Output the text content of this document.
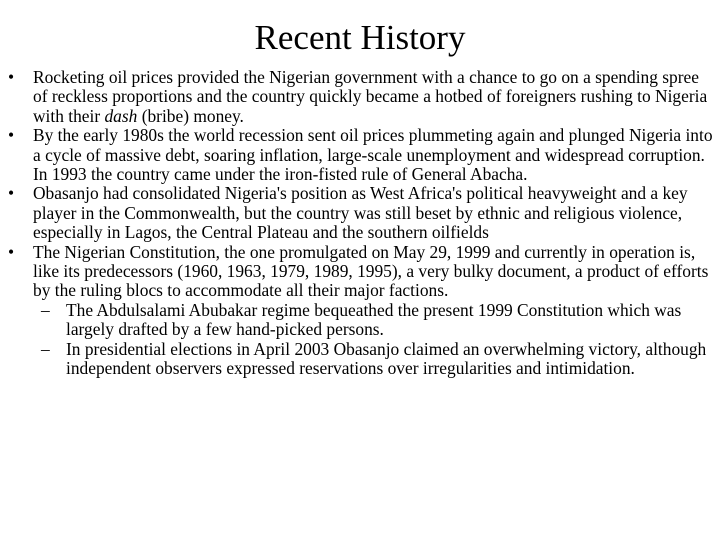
Recent History

• Rocketing oil prices provided the Nigerian government with a chance to go on a spending spree of reckless proportions and the country quickly became a hotbed of foreigners rushing to Nigeria with their dash (bribe) money.

• By the early 1980s the world recession sent oil prices plummeting again and plunged Nigeria into a cycle of massive debt, soaring inflation, large-scale unemployment and widespread corruption. In 1993 the country came under the iron-fisted rule of General Abacha.

• Obasanjo had consolidated Nigeria's position as West Africa's political heavyweight and a key player in the Commonwealth, but the country was still beset by ethnic and religious violence, especially in Lagos, the Central Plateau and the southern oilfields

• The Nigerian Constitution, the one promulgated on May 29, 1999 and currently in operation is, like its predecessors (1960, 1963, 1979, 1989, 1995), a very bulky document, a product of efforts by the ruling blocs to accommodate all their major factions.

– The Abdulsalami Abubakar regime bequeathed the present 1999 Constitution which was largely drafted by a few hand-picked persons.

– In presidential elections in April 2003 Obasanjo claimed an overwhelming victory, although independent observers expressed reservations over irregularities and intimidation.
